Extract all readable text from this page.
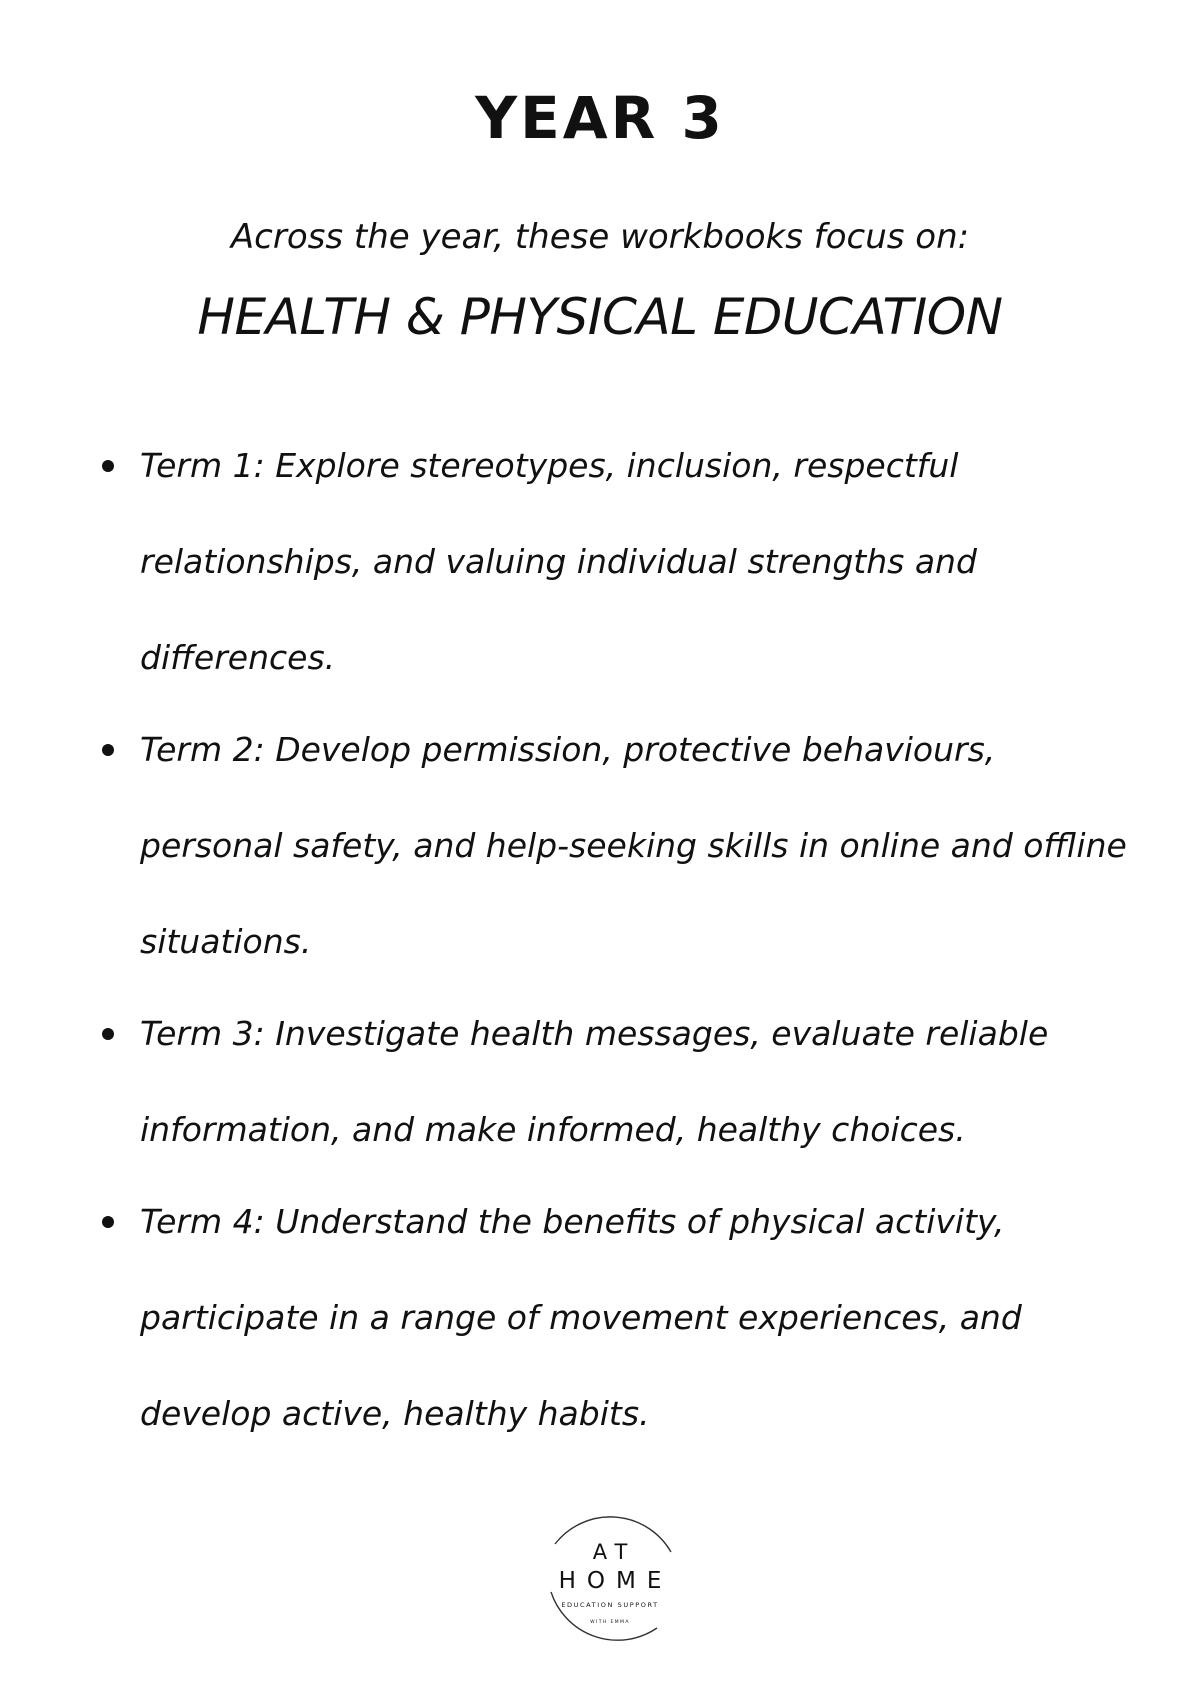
YEAR 3
Across the year, these workbooks focus on:
HEALTH & PHYSICAL EDUCATION
Term 1: Explore stereotypes, inclusion, respectful relationships, and valuing individual strengths and differences.
Term 2: Develop permission, protective behaviours, personal safety, and help-seeking skills in online and offline situations.
Term 3: Investigate health messages, evaluate reliable information, and make informed, healthy choices.
Term 4: Understand the benefits of physical activity, participate in a range of movement experiences, and develop active, healthy habits.
AT
HOME
EDUCATION SUPPORT
WITH EMMA
